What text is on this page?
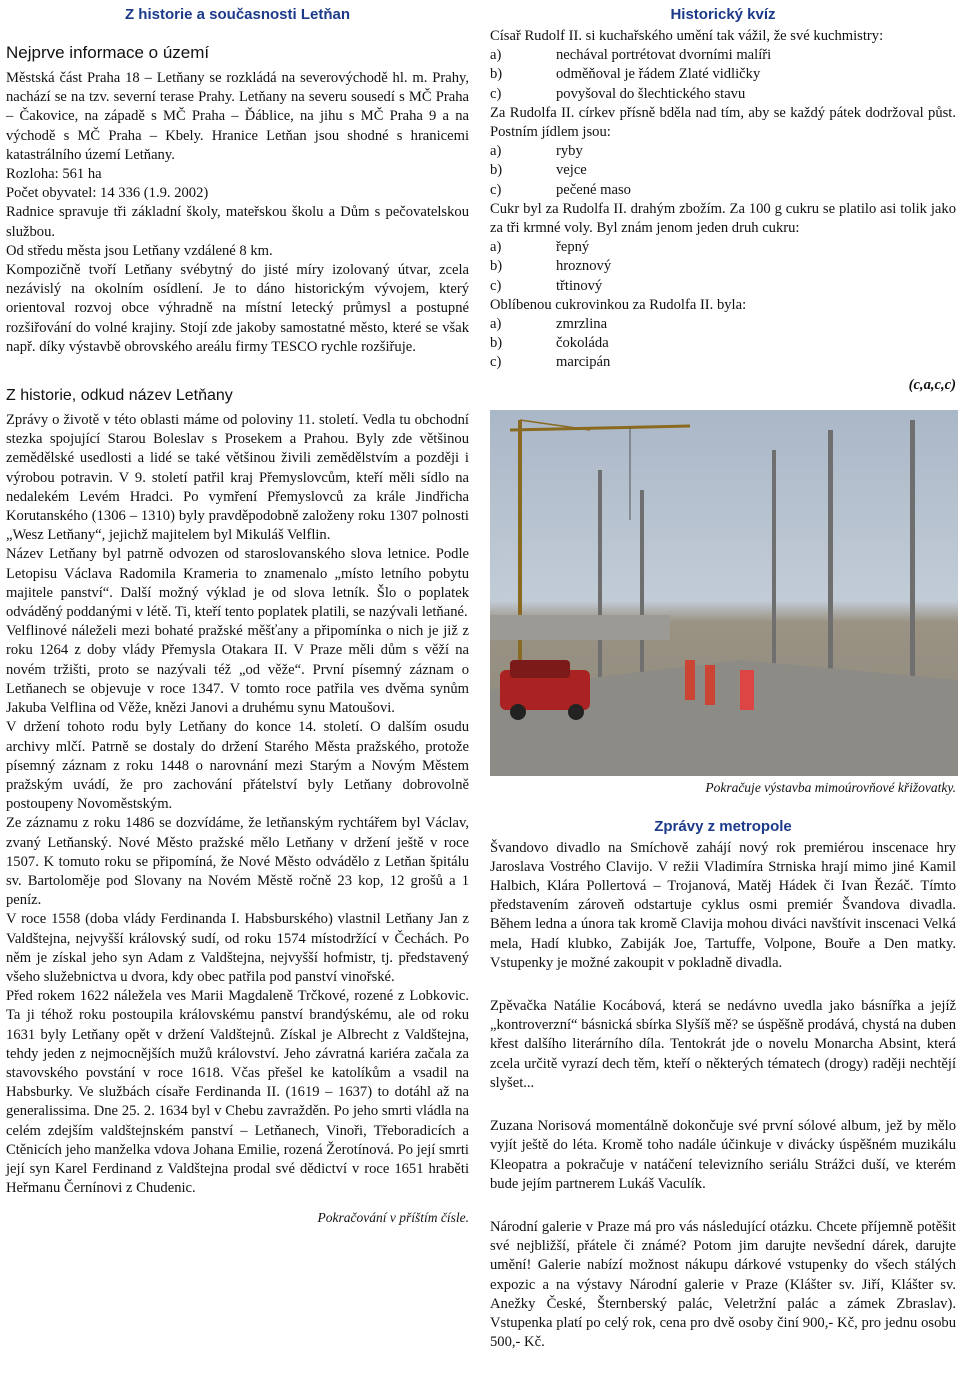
Z historie a současnosti Letňan
Nejprve informace o území

Městská část Praha 18 – Letňany se rozkládá na severovýchodě hl. m. Prahy, nachází se na tzv. severní terase Prahy. Letňany na severu sousedí s MČ Praha – Čakovice, na západě s MČ Praha – Ďáblice, na jihu s MČ Praha 9 a na východě s MČ Praha – Kbely. Hranice Letňan jsou shodné s hranicemi katastrálního území Letňany.

Rozloha: 561 ha

Počet obyvatel: 14 336 (1.9. 2002)

Radnice spravuje tři základní školy, mateřskou školu a Dům s pečovatelskou službou.

Od středu města jsou Letňany vzdálené 8 km.

Kompozičně tvoří Letňany svébytný do jisté míry izolovaný útvar, zcela nezávislý na okolním osídlení. Je to dáno historickým vývojem, který orientoval rozvoj obce výhradně na místní letecký průmysl a postupné rozšiřování do volné krajiny. Stojí zde jakoby samostatné město, které se však např. díky výstavbě obrovského areálu firmy TESCO rychle rozšiřuje.

Z historie, odkud název Letňany

Zprávy o životě v této oblasti máme od poloviny 11. století. Vedla tu obchodní stezka spojující Starou Boleslav s Prosekem a Prahou. Byly zde většinou zemědělské usedlosti a lidé se také většinou živili zemědělstvím a později i výrobou potravin. V 9. století patřil kraj Přemyslovcům, kteří měli sídlo na nedalekém Levém Hradci. Po vymření Přemyslovců za krále Jindřicha Korutanského (1306 – 1310) byly pravděpodobně založeny roku 1307 polnosti „Wesz Letňany“, jejichž majitelem byl Mikuláš Velflin.

Název Letňany byl patrně odvozen od staroslovanského slova letnice. Podle Letopisu Václava Radomila Krameria to znamenalo „místo letního pobytu majitele panství“. Další možný výklad je od slova letník. Šlo o poplatek odváděný poddanými v létě. Ti, kteří tento poplatek platili, se nazývali letňané.

Velflinové náleželi mezi bohaté pražské měšťany a připomínka o nich je již z roku 1264 z doby vlády Přemysla Otakara II. V Praze měli dům s věží na novém tržišti, proto se nazývali též „od věže“. První písemný záznam o Letňanech se objevuje v roce 1347. V tomto roce patřila ves dvěma synům Jakuba Velflina od Věže, knězi Janovi a druhému synu Matoušovi.

V držení tohoto rodu byly Letňany do konce 14. století. O dalším osudu archivy mlčí. Patrně se dostaly do držení Starého Města pražského, protože písemný záznam z roku 1448 o narovnání mezi Starým a Novým Městem pražským uvádí, že pro zachování přátelství byly Letňany dobrovolně postoupeny Novoměstským.

Ze záznamu z roku 1486 se dozvídáme, že letňanským rychtářem byl Václav, zvaný Letňanský. Nové Město pražské mělo Letňany v držení ještě v roce 1507. K tomuto roku se připomíná, že Nové Město odvádělo z Letňan špitálu sv. Bartoloměje pod Slovany na Novém Městě ročně 23 kop, 12 grošů a 1 peníz.

V roce 1558 (doba vlády Ferdinanda I. Habsburského) vlastnil Letňany Jan z Valdštejna, nejvyšší královský sudí, od roku 1574 místodržící v Čechách. Po něm je získal jeho syn Adam z Valdštejna, nejvyšší hofmistr, tj. představený všeho služebnictva u dvora, kdy obec patřila pod panství vinořské.

Před rokem 1622 náležela ves Marii Magdaleně Trčkové, rozené z Lobkovic. Ta ji téhož roku postoupila královskému panství brandýskému, ale od roku 1631 byly Letňany opět v držení Valdštejnů. Získal je Albrecht z Valdštejna, tehdy jeden z nejmocnějších mužů království. Jeho závratná kariéra začala za stavovského povstání v roce 1618. Včas přešel ke katolíkům a vsadil na Habsburky. Ve službách císaře Ferdinanda II. (1619 – 1637) to dotáhl až na generalissima. Dne 25. 2. 1634 byl v Chebu zavražděn. Po jeho smrti vládla na celém zdejším valdštejnském panství – Letňanech, Vinoři, Třeboradicích a Ctěnicích jeho manželka vdova Johana Emilie, rozená Žerotínová. Po její smrti její syn Karel Ferdinand z Valdštejna prodal své dědictví v roce 1651 hraběti Heřmanu Černínovi z Chudenic.

Pokračování v příštím čísle.
Historický kvíz

Císař Rudolf II. si kuchařského umění tak vážil, že své kuchmistry:

a)	nechával portrétovat dvorními malíři
b)	odměňoval je řádem Zlaté vidličky
c)	povyšoval do šlechtického stavu

Za Rudolfa II. církev přísně bděla nad tím, aby se každý pátek dodržoval půst. Postním jídlem jsou:

a)	ryby
b)	vejce
c)	pečené maso

Cukr byl za Rudolfa II. drahým zbožím. Za 100 g cukru se platilo asi tolik jako za tři krmné voly. Byl znám jenom jeden druh cukru:

a)	řepný
b)	hroznový
c)	třtinový

Oblíbenou cukrovinkou za Rudolfa II. byla:

a)	zmrzlina
b)	čokoláda
c)	marcipán
(c,a,c,c)
Pokračuje výstavba mimoúrovňové křižovatky.
Zprávy z metropole

Švandovo divadlo na Smíchově zahájí nový rok premiérou inscenace hry Jaroslava Vostrého Clavijo. V režii Vladimíra Strniska hrají mimo jiné Kamil Halbich, Klára Pollertová – Trojanová, Matěj Hádek či Ivan Řezáč. Tímto představením zároveň odstartuje cyklus osmi premiér Švandova divadla. Během ledna a února tak kromě Clavija mohou diváci navštívit inscenaci Velká mela, Hadí klubko, Zabiják Joe, Tartuffe, Volpone, Bouře a Den matky. Vstupenky je možné zakoupit v pokladně divadla.

Zpěvačka Natálie Kocábová, která se nedávno uvedla jako básnířka a jejíž „kontroverzní“ básnická sbírka Slyšíš mě? se úspěšně prodává, chystá na duben křest dalšího literárního díla. Tentokrát jde o novelu Monarcha Absint, která zcela určitě vyrazí dech těm, kteří o některých tématech (drogy) raději nechtějí slyšet...

Zuzana Norisová momentálně dokončuje své první sólové album, jež by mělo vyjít ještě do léta. Kromě toho nadále účinkuje v divácky úspěšném muzikálu Kleopatra a pokračuje v natáčení televizního seriálu Strážci duší, ve kterém bude jejím partnerem Lukáš Vaculík.

Národní galerie v Praze má pro vás následující otázku. Chcete příjemně potěšit své nejbližší, přátele či známé? Potom jim darujte nevšední dárek, darujte umění! Galerie nabízí možnost nákupu dárkové vstupenky do všech stálých expozic a na výstavy Národní galerie v Praze (Klášter sv. Jiří, Klášter sv. Anežky České, Šternberský palác, Veletržní palác a zámek Zbraslav). Vstupenka platí po celý rok, cena pro dvě osoby činí 900,- Kč, pro jednu osobu 500,- Kč.
